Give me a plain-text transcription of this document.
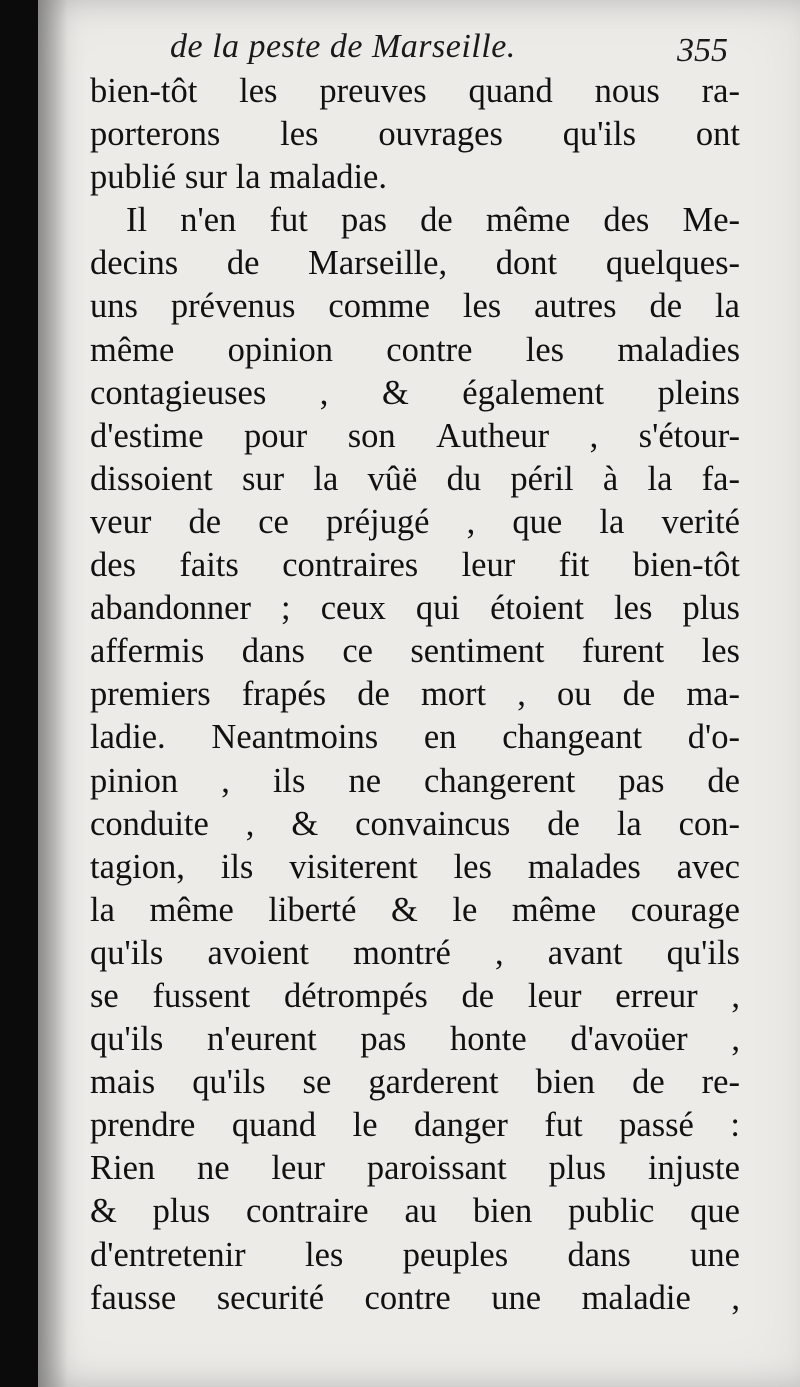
de la peste de Marseille.	355
bien-tôt les preuves quand nous ra-
porterons les ouvrages qu'ils ont
publié sur la maladie.
Il n'en fut pas de même des Me-
decins de Marseille, dont quelques-
uns prévenus comme les autres de la
même opinion contre les maladies
contagieuses , & également pleins
d'estime pour son Autheur , s'étour-
dissoient sur la vûë du péril à la fa-
veur de ce préjugé , que la verité
des faits contraires leur fit bien-tôt
abandonner ; ceux qui étoient les plus
affermis dans ce sentiment furent les
premiers frapés de mort , ou de ma-
ladie. Neantmoins en changeant d'o-
pinion , ils ne changerent pas de
conduite , & convaincus de la con-
tagion, ils visiterent les malades avec
la même liberté & le même courage
qu'ils avoient montré , avant qu'ils
se fussent détrompés de leur erreur ,
qu'ils n'eurent pas honte d'avoüer ,
mais qu'ils se garderent bien de re-
prendre quand le danger fut passé :
Rien ne leur paroissant plus injuste
& plus contraire au bien public que
d'entretenir les peuples dans une
fausse securité contre une maladie ,
